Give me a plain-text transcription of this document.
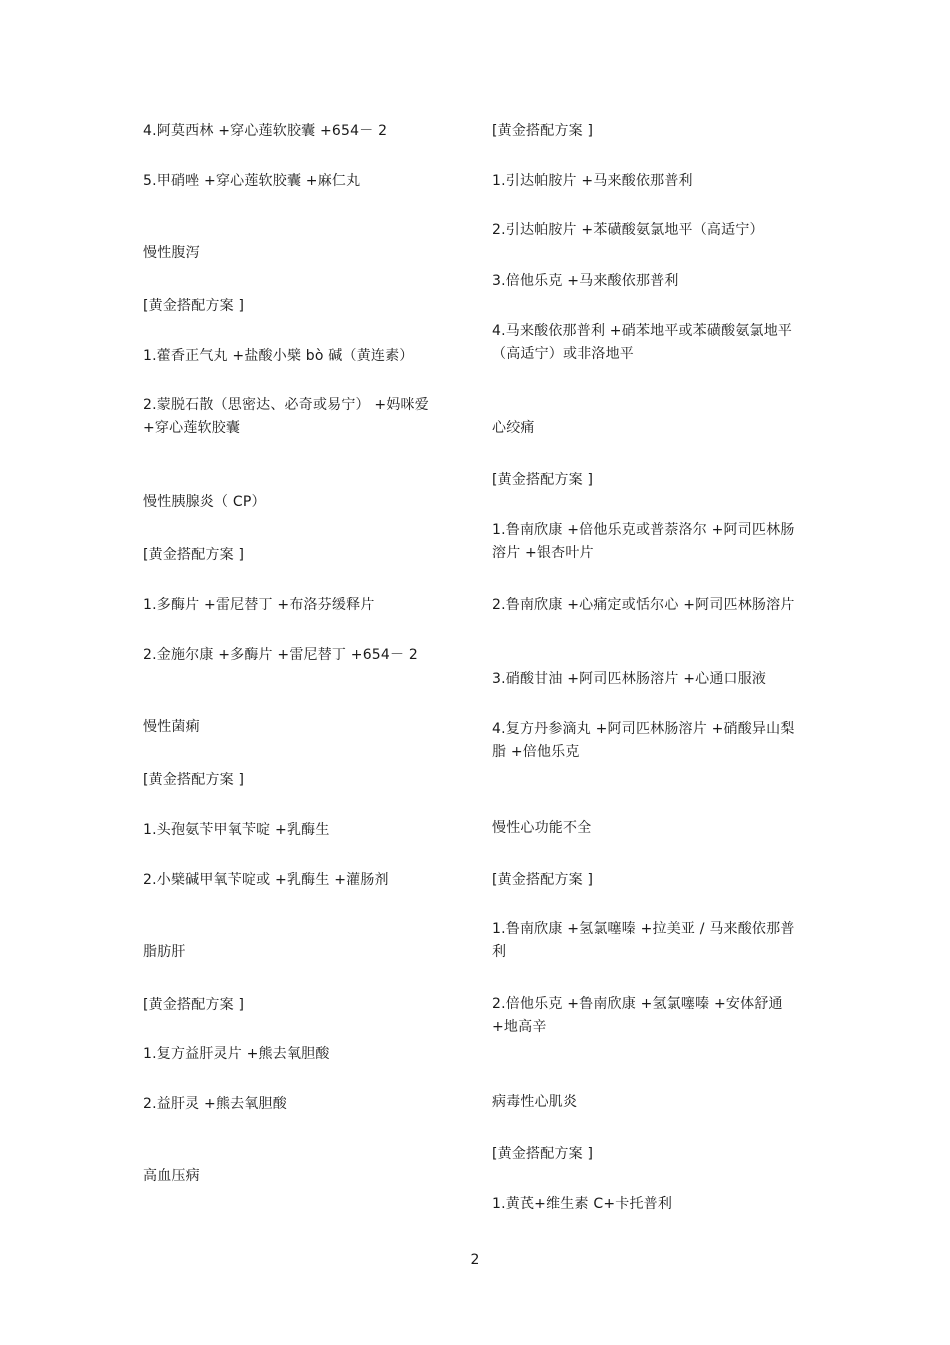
4.阿莫西林 +穿心莲软胶囊 +654－ 2
5.甲硝唑 +穿心莲软胶囊 +麻仁丸
慢性腹泻
[黄金搭配方案 ]
1.藿香正气丸 +盐酸小檗 bò 碱（黄连素）
2.蒙脱石散（思密达、必奇或易宁） +妈咪爱+穿心莲软胶囊
慢性胰腺炎（ CP）
[黄金搭配方案 ]
1.多酶片 +雷尼替丁 +布洛芬缓释片
2.金施尔康 +多酶片 +雷尼替丁 +654－ 2
慢性菌痢
[黄金搭配方案 ]
1.头孢氨苄甲氧苄啶 +乳酶生
2.小檗碱甲氧苄啶或 +乳酶生 +灌肠剂
脂肪肝
[黄金搭配方案 ]
1.复方益肝灵片 +熊去氧胆酸
2.益肝灵 +熊去氧胆酸
高血压病
[黄金搭配方案 ]
1.引达帕胺片 +马来酸依那普利
2.引达帕胺片 +苯磺酸氨氯地平（高适宁）
3.倍他乐克 +马来酸依那普利
4.马来酸依那普利 +硝苯地平或苯磺酸氨氯地平（高适宁）或非洛地平
心绞痛
[黄金搭配方案 ]
1.鲁南欣康 +倍他乐克或普萘洛尔 +阿司匹林肠溶片 +银杏叶片
2.鲁南欣康 +心痛定或恬尔心 +阿司匹林肠溶片
3.硝酸甘油 +阿司匹林肠溶片 +心通口服液
4.复方丹参滴丸 +阿司匹林肠溶片 +硝酸异山梨脂 +倍他乐克
慢性心功能不全
[黄金搭配方案 ]
1.鲁南欣康 +氢氯噻嗪 +拉美亚 / 马来酸依那普利
2.倍他乐克 +鲁南欣康 +氢氯噻嗪 +安体舒通+地高辛
病毒性心肌炎
[黄金搭配方案 ]
1.黄芪+维生素 C+卡托普利
2
